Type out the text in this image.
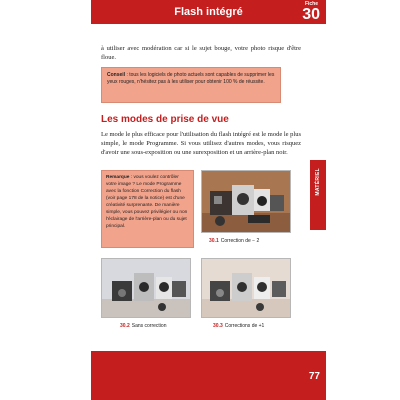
Flash intégré
Fiche
30
à utiliser avec modération car si le sujet bouge, votre photo risque d'être floue.
Conseil : tous les logiciels de photo actuels sont capables de supprimer les yeux rouges, n'hésitez pas à les utiliser pour obtenir 100 % de réussite.
Les modes de prise de vue
Le mode le plus efficace pour l'utilisation du flash intégré est le mode le plus simple, le mode Programme. Si vous utilisez d'autres modes, vous risquez d'avoir une sous-exposition ou une surexposition et un arrière-plan noir.
Remarque : vous voulez contrôler votre image ? Le mode Programme avec la fonction Correction du flash (voir page 178 de la notice) est d'une créativité surprenante. De manière simple, vous pouvez privilégier ou non l'éclairage de l'arrière-plan ou du sujet principal.
30.1 Correction de − 2
30.2 Sans correction	30.3 Corrections de +1
MATÉRIEL
77
